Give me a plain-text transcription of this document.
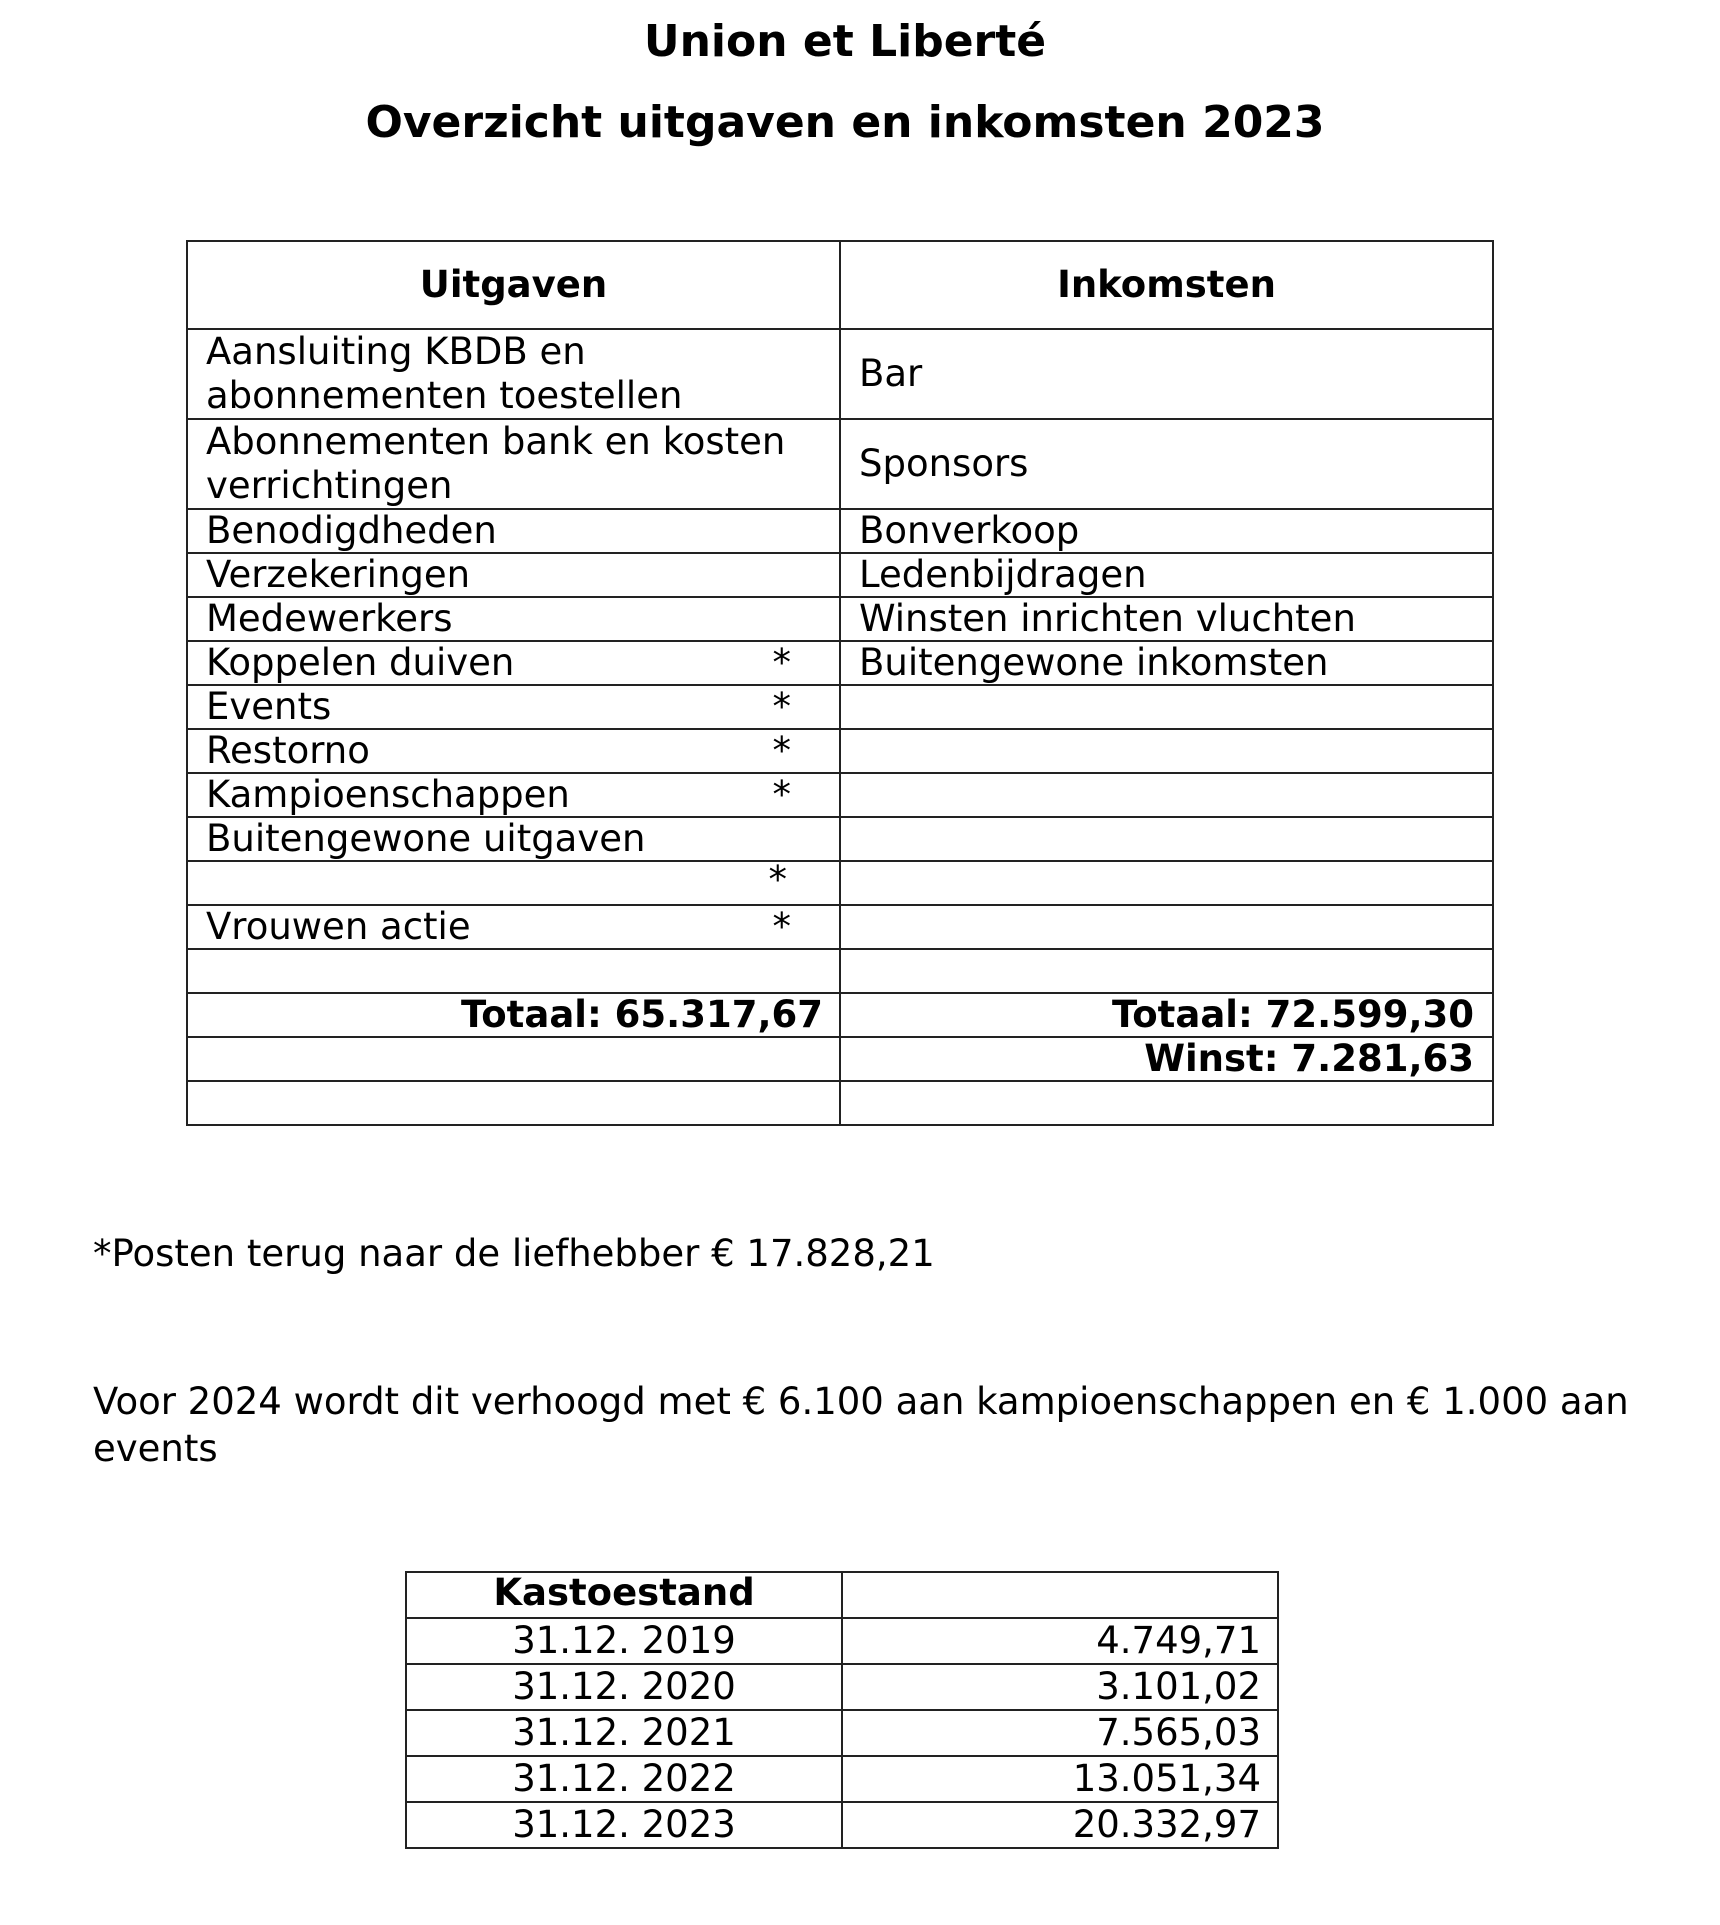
Union et Liberté
Overzicht uitgaven en inkomsten 2023
Uitgaven	Inkomsten
Aansluiting KBDB en abonnementen toestellen	Bar
Abonnementen bank en kosten verrichtingen	Sponsors
Benodigdheden	Bonverkoop
Verzekeringen	Ledenbijdragen
Medewerkers	Winsten inrichten vluchten
Koppelen duiven *	Buitengewone inkomsten
Events *	

Restorno *	

Kampioenschappen *	

Buitengewone uitgaven	

*	

Vrouwen actie *	

Totaal: 65.317,67	Totaal: 72.599,30
	Winst: 7.281,63

*Posten terug naar de liefhebber € 17.828,21
Voor 2024 wordt dit verhoogd met € 6.100 aan kampioenschappen en € 1.000 aan events
Kastoestand	
31.12. 2019	4.749,71
31.12. 2020	3.101,02
31.12. 2021	7.565,03
31.12. 2022	13.051,34
31.12. 2023	20.332,97
